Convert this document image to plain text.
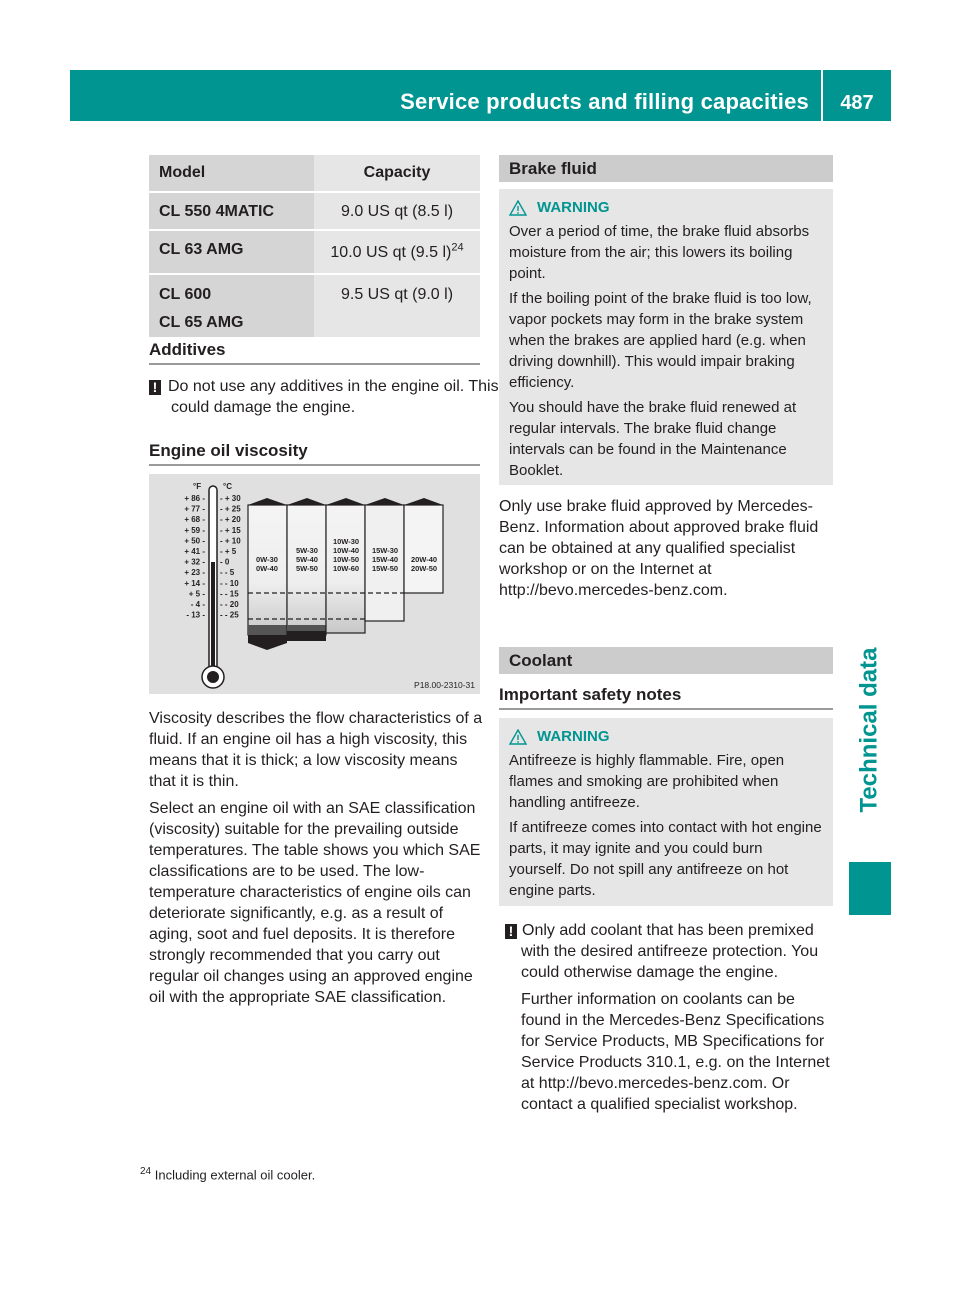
Service products and filling capacities	487
Technical data
Model	Capacity
CL 550 4MATIC	9.0 US qt (8.5 l)
CL 63 AMG	10.0 US qt (9.5 l)$^{24}$

CL 600
CL 65 AMG	9.5 US qt (9.0 l)
Additives
! Do not use any additives in the engine oil. This could damage the engine.
Engine oil viscosity
°F	°C
+ 86 - - + 30
+ 77 - - + 25
+ 68 - - + 20
+ 59 - - + 15
+ 50 - - + 10
+ 41 - - + 5
+ 32 - - 0
+ 23 - - - 5
+ 14 - - - 10
+ 5 - - - 15
- 4 - - - 20
- 13 - - - 25
0W-30
0W-40
5W-30
5W-40
5W-50
10W-30
10W-40
10W-50
10W-60
15W-30
15W-40
15W-50
20W-40
20W-50
P18.00-2310-31

Viscosity describes the flow characteristics of a fluid. If an engine oil has a high viscosity, this means that it is thick; a low viscosity means that it is thin.

Select an engine oil with an SAE classification (viscosity) suitable for the prevailing outside temperatures. The table shows you which SAE classifications are to be used. The low-temperature characteristics of engine oils can deteriorate significantly, e.g. as a result of aging, soot and fuel deposits. It is therefore strongly recommended that you carry out regular oil changes using an approved engine oil with the appropriate SAE classification.

Brake fluid
WARNING

Over a period of time, the brake fluid absorbs moisture from the air; this lowers its boiling point.

If the boiling point of the brake fluid is too low, vapor pockets may form in the brake system when the brakes are applied hard (e.g. when driving downhill). This would impair braking efficiency.

You should have the brake fluid renewed at regular intervals. The brake fluid change intervals can be found in the Maintenance Booklet.

Only use brake fluid approved by Mercedes-Benz. Information about approved brake fluid can be obtained at any qualified specialist workshop or on the Internet at http://bevo.mercedes-benz.com.
Coolant
Important safety notes
WARNING

Antifreeze is highly flammable. Fire, open flames and smoking are prohibited when handling antifreeze.

If antifreeze comes into contact with hot engine parts, it may ignite and you could burn yourself. Do not spill any antifreeze on hot engine parts.

! Only add coolant that has been premixed with the desired antifreeze protection. You could otherwise damage the engine.

Further information on coolants can be found in the Mercedes-Benz Specifications for Service Products, MB Specifications for Service Products 310.1, e.g. on the Internet at http://bevo.mercedes-benz.com. Or contact a qualified specialist workshop.

$^{24}$ Including external oil cooler.
